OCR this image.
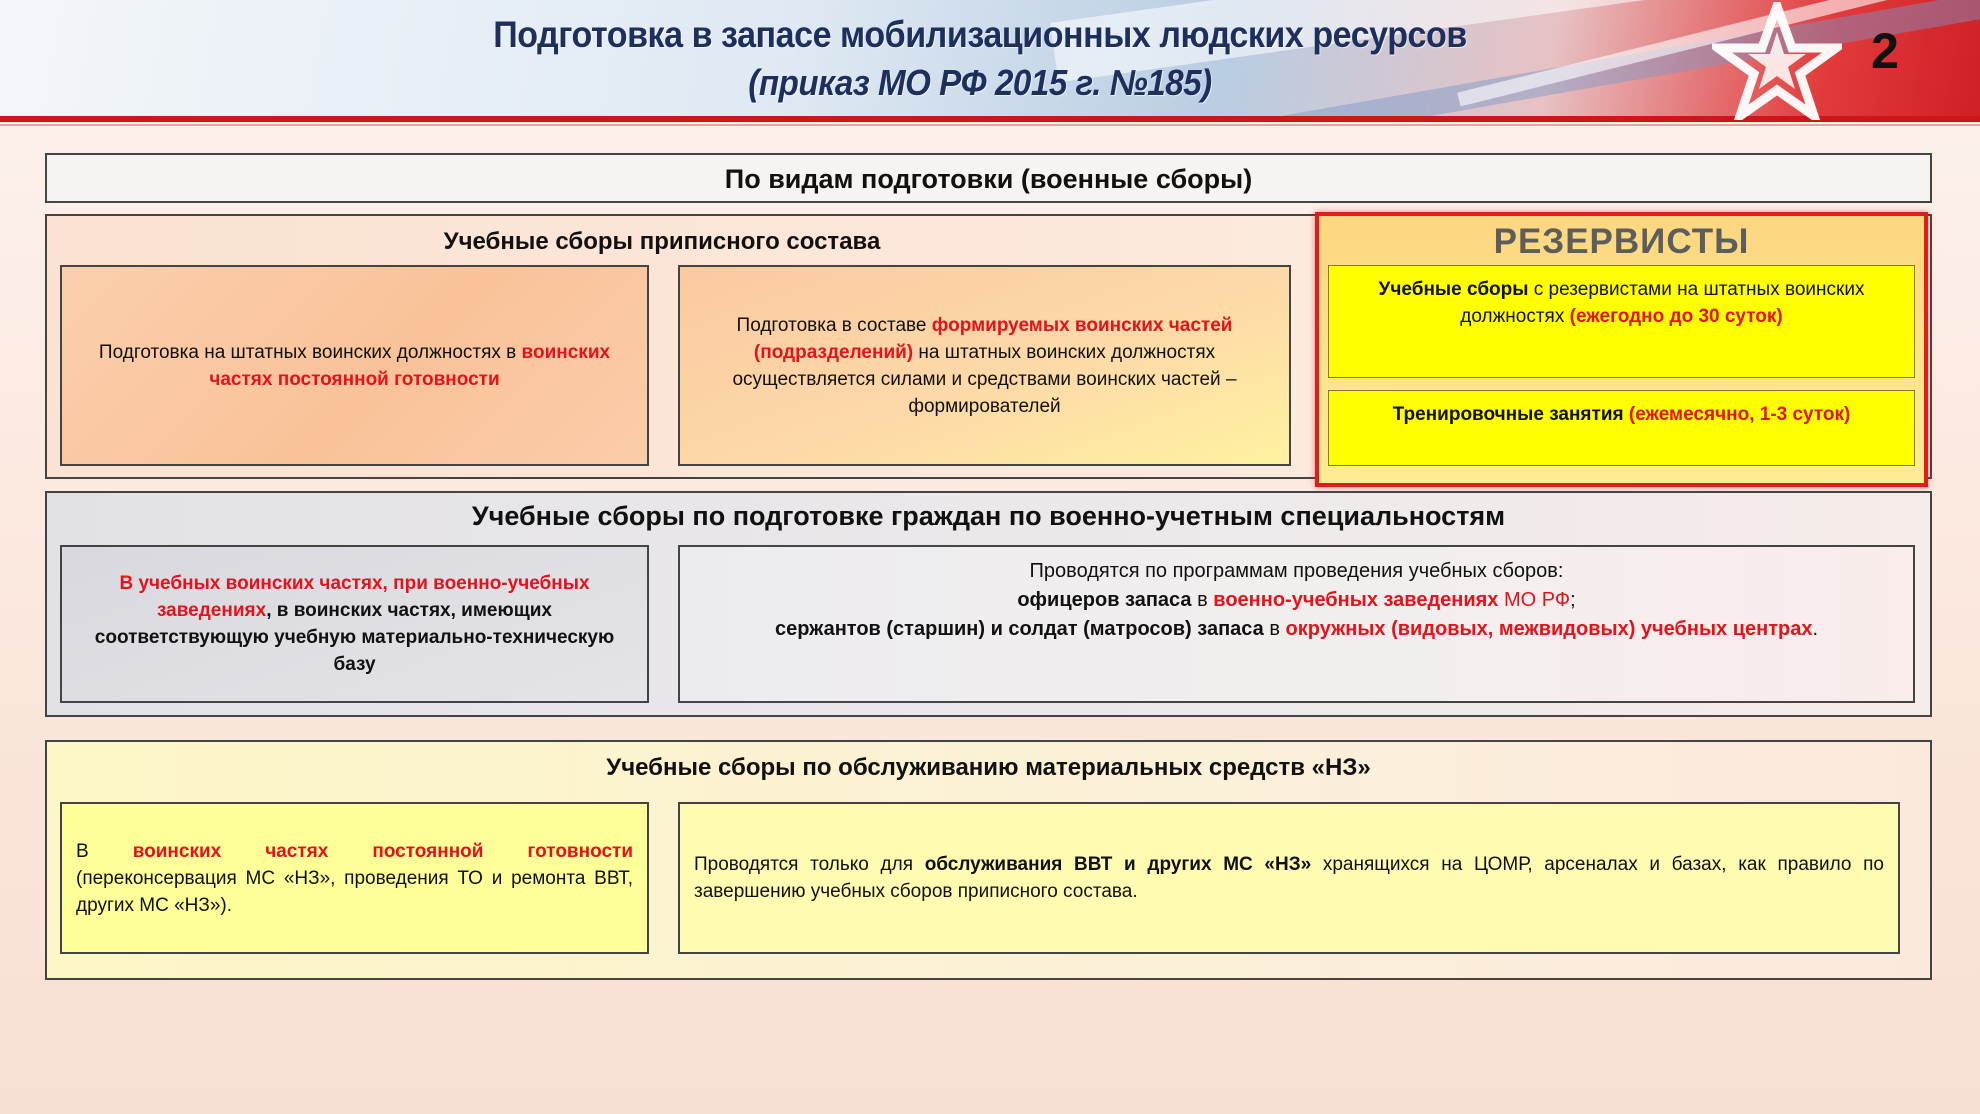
Подготовка в запасе мобилизационных людских ресурсов
(приказ МО РФ 2015 г. №185)
2
По видам подготовки (военные сборы)
Учебные сборы приписного состава
Подготовка на штатных воинских должностях в воинских частях постоянной готовности
Подготовка в составе формируемых воинских частей (подразделений) на штатных воинских должностях осуществляется силами и средствами воинских частей – формирователей
РЕЗЕРВИСТЫ
Учебные сборы с резервистами на штатных воинских должностях (ежегодно до 30 суток)
Тренировочные занятия (ежемесячно, 1-3 суток)
Учебные сборы по подготовке граждан по военно-учетным специальностям
В учебных воинских частях, при военно-учебных заведениях, в воинских частях, имеющих соответствующую учебную материально-техническую базу
Проводятся по программам проведения учебных сборов:
офицеров запаса в военно-учебных заведениях МО РФ;
сержантов (старшин) и солдат (матросов) запаса в окружных (видовых, межвидовых) учебных центрах.
Учебные сборы по обслуживанию материальных средств «НЗ»
В воинских частях постоянной готовности (переконсервация МС «НЗ», проведения ТО и ремонта ВВТ, других МС «НЗ»).
Проводятся только для обслуживания ВВТ и других МС «НЗ» хранящихся на ЦОМР, арсеналах и базах, как правило по завершению учебных сборов приписного состава.
